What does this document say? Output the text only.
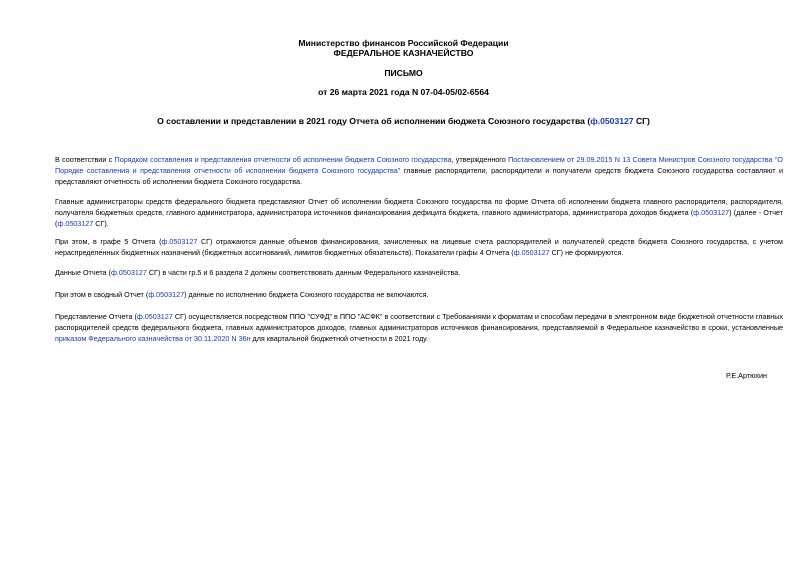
Министерство финансов Российской Федерации
ФЕДЕРАЛЬНОЕ КАЗНАЧЕЙСТВО
ПИСЬМО
от 26 марта 2021 года N 07-04-05/02-6564
О составлении и представлении в 2021 году Отчета об исполнении бюджета Союзного государства (ф.0503127 СГ)
В соответствии с Порядком составления и представления отчетности об исполнении бюджета Союзного государства, утвержденного Постановлением от 29.09.2015 N 13 Совета Министров Союзного государства "О Порядке составления и представления отчетности об исполнении бюджета Союзного государства" главные распорядители, распорядители и получатели средств бюджета Союзного государства составляют и представляют отчетность об исполнении бюджета Союзного государства.
Главные администраторы средств федерального бюджета представляют Отчет об исполнении бюджета Союзного государства по форме Отчета об исполнении бюджета главного распорядителя, распорядителя, получателя бюджетных средств, главного администратора, администратора источников финансирования дефицита бюджета, главного администратора, администратора доходов бюджета (ф.0503127) (далее - Отчет (ф.0503127 СГ).
При этом, в графе 5 Отчета (ф.0503127 СГ) отражаются данные объемов финансирования, зачисленных на лицевые счета распорядителей и получателей средств бюджета Союзного государства, с учетом нераспределенных бюджетных назначений (бюджетных ассигнований, лимитов бюджетных обязательств). Показатели графы 4 Отчета (ф.0503127 СГ) не формируются.
Данные Отчета (ф.0503127 СГ) в части гр.5 и 6 раздела 2 должны соответствовать данным Федерального казначейства.
При этом в сводный Отчет (ф.0503127) данные по исполнению бюджета Союзного государства не включаются.
Представление Отчета (ф.0503127 СГ) осуществляется посредством ППО "СУФД" в ППО "АСФК" в соответствии с Требованиями к форматам и способам передачи в электронном виде бюджетной отчетности главных распорядителей средств федерального бюджета, главных администраторов доходов, главных администраторов источников финансирования, представляемой в Федеральное казначейство в сроки, установленные приказом Федерального казначейства от 30.11.2020 N 36н для квартальной бюджетной отчетности в 2021 году.
Р.Е.Артюхин
